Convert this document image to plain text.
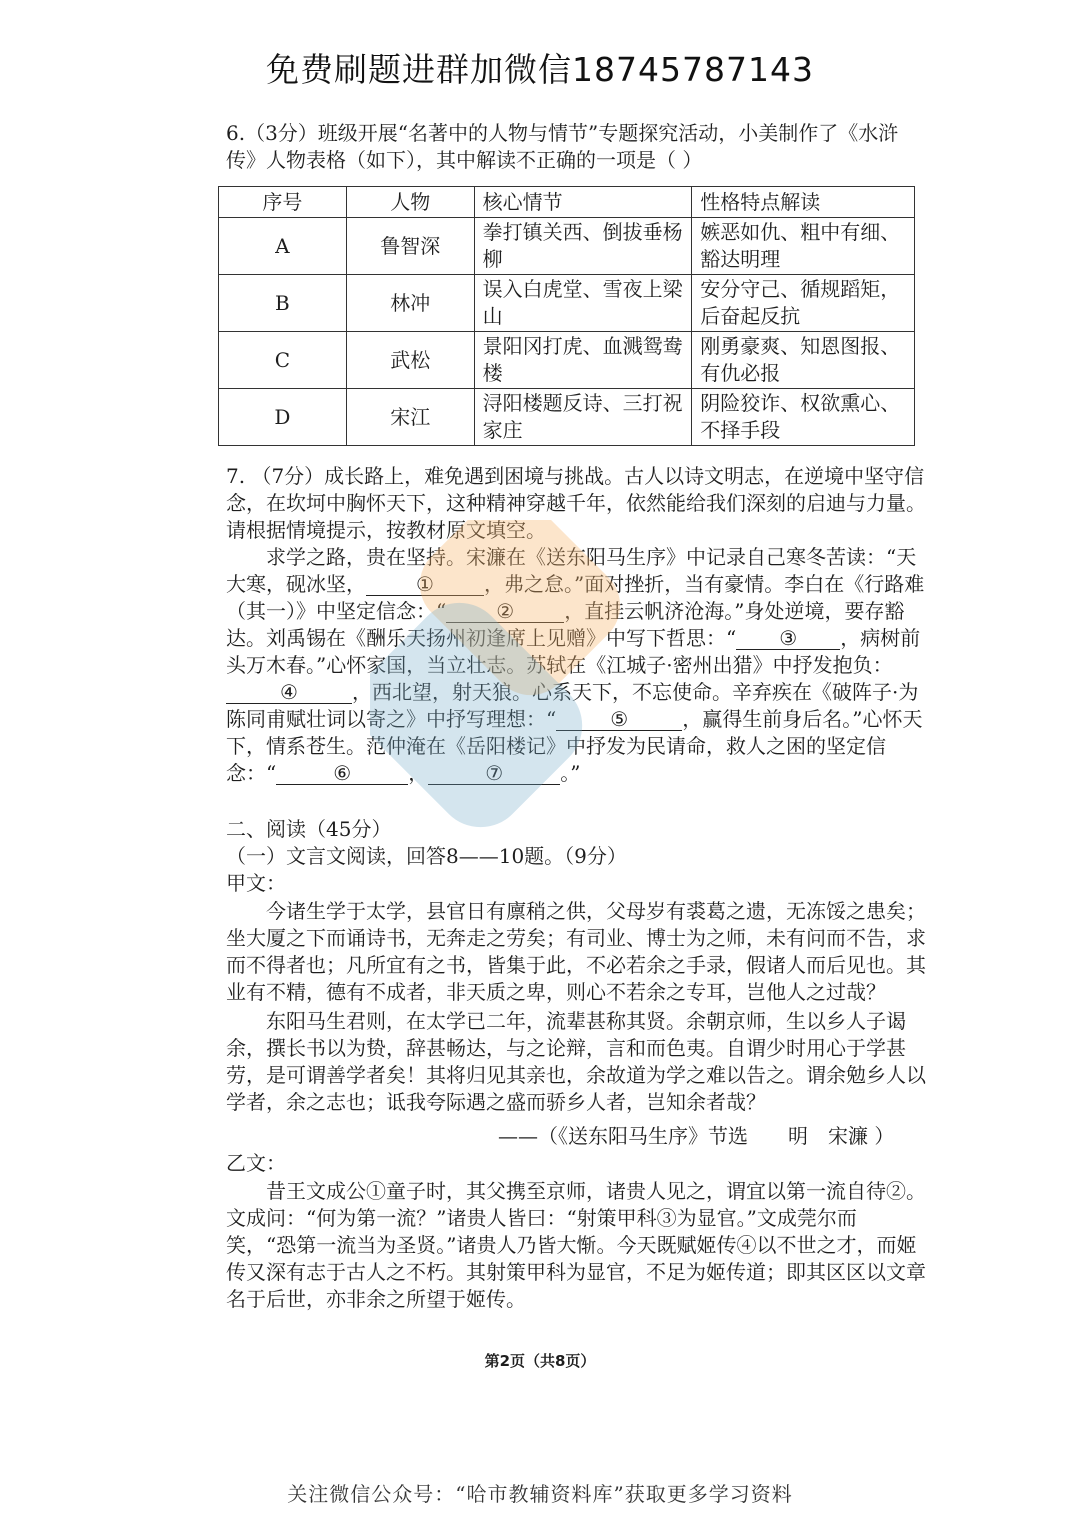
免费刷题进群加微信18745787143
6.（3分）班级开展“名著中的人物与情节”专题探究活动，小美制作了《水浒传》人物表格（如下），其中解读不正确的一项是（ ）
序号	人物	核心情节	性格特点解读
A	鲁智深	拳打镇关西、倒拔垂杨柳	嫉恶如仇、粗中有细、豁达明理
B	林冲	误入白虎堂、雪夜上梁山	安分守己、循规蹈矩，后奋起反抗
C	武松	景阳冈打虎、血溅鸳鸯楼	刚勇豪爽、知恩图报、有仇必报
D	宋江	浔阳楼题反诗、三打祝家庄	阴险狡诈、权欲熏心、不择手段
7. （7分）成长路上，难免遇到困境与挑战。古人以诗文明志，在逆境中坚守信念，在坎坷中胸怀天下，这种精神穿越千年，依然能给我们深刻的启迪与力量。请根据情境提示，按教材原文填空。
求学之路，贵在坚持。宋濂在《送东阳马生序》中记录自己寒冬苦读：“天大寒，砚冰坚，	①	，弗之怠。”面对挫折，当有豪情。李白在《行路难（其一）》中坚定信念：“	②	，直挂云帆济沧海。”身处逆境，要存豁达。刘禹锡在《酬乐天扬州初逢席上见赠》中写下哲思：“ ③ ，病树前头万木春。”心怀家国，当立壮志。苏轼在《江城子·密州出猎》中抒发抱负：④	，西北望，射天狼。心系天下，不忘使命。辛弃疾在《破阵子·为陈同甫赋壮词以寄之》中抒写理想：“	⑤	，赢得生前身后名。”心怀天下，情系苍生。范仲淹在《岳阳楼记》中抒发为民请命，救人之困的坚定信念：“	⑥	，	⑦	。”
二、阅读（45分）
（一）文言文阅读，回答8——10题。（9分）
甲文：
今诸生学于太学，县官日有廪稍之供，父母岁有裘葛之遗，无冻馁之患矣；坐大厦之下而诵诗书，无奔走之劳矣；有司业、博士为之师，未有问而不告，求而不得者也；凡所宜有之书，皆集于此，不必若余之手录，假诸人而后见也。其业有不精，德有不成者，非天质之卑，则心不若余之专耳，岂他人之过哉？
东阳马生君则，在太学已二年，流辈甚称其贤。余朝京师，生以乡人子谒余，撰长书以为贽，辞甚畅达，与之论辩，言和而色夷。自谓少时用心于学甚劳，是可谓善学者矣！其将归见其亲也，余故道为学之难以告之。谓余勉乡人以学者，余之志也；诋我夸际遇之盛而骄乡人者，岂知余者哉？
——（《送东阳马生序》节选　　明　宋濂 ）
乙文：
昔王文成公①童子时，其父携至京师，诸贵人见之，谓宜以第一流自待②。文成问：“何为第一流？”诸贵人皆曰：“射策甲科③为显官。”文成莞尔而笑，“恐第一流当为圣贤。”诸贵人乃皆大惭。今天既赋姬传④以不世之才，而姬传又深有志于古人之不朽。其射策甲科为显官，不足为姬传道；即其区区以文章名于后世，亦非余之所望于姬传。
第2页（共8页）
关注微信公众号：“哈市教辅资料库”获取更多学习资料
